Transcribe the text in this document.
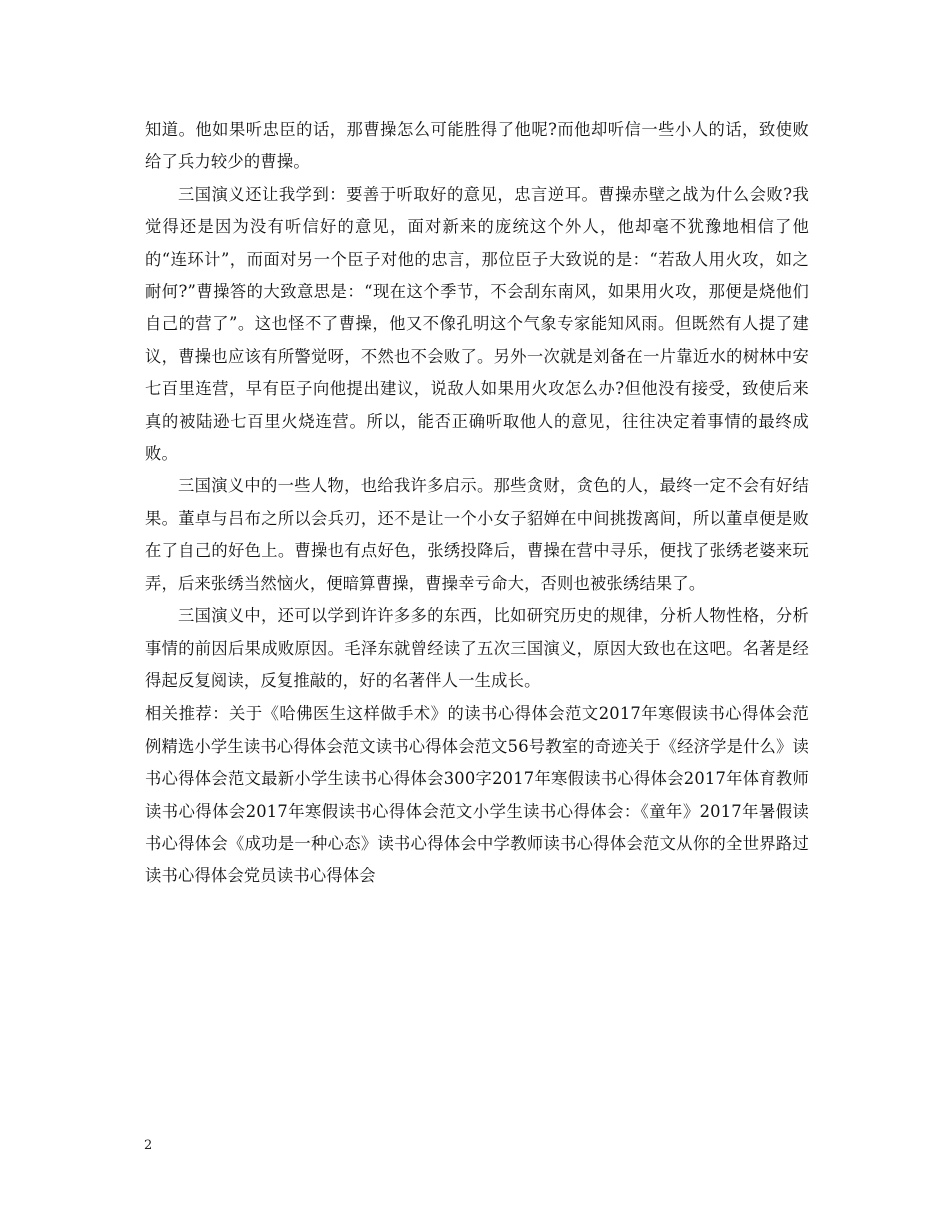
知道。他如果听忠臣的话，那曹操怎么可能胜得了他呢?而他却听信一些小人的话，致使败给了兵力较少的曹操。

三国演义还让我学到：要善于听取好的意见，忠言逆耳。曹操赤壁之战为什么会败?我觉得还是因为没有听信好的意见，面对新来的庞统这个外人，他却毫不犹豫地相信了他的“连环计”，而面对另一个臣子对他的忠言，那位臣子大致说的是：“若敌人用火攻，如之耐何?”曹操答的大致意思是：“现在这个季节，不会刮东南风，如果用火攻，那便是烧他们自己的营了”。这也怪不了曹操，他又不像孔明这个气象专家能知风雨。但既然有人提了建议，曹操也应该有所警觉呀，不然也不会败了。另外一次就是刘备在一片靠近水的树林中安七百里连营，早有臣子向他提出建议，说敌人如果用火攻怎么办?但他没有接受，致使后来真的被陆逊七百里火烧连营。所以，能否正确听取他人的意见，往往决定着事情的最终成败。

三国演义中的一些人物，也给我许多启示。那些贪财，贪色的人，最终一定不会有好结果。董卓与吕布之所以会兵刃，还不是让一个小女子貂婵在中间挑拨离间，所以董卓便是败在了自己的好色上。曹操也有点好色，张绣投降后，曹操在营中寻乐，便找了张绣老婆来玩弄，后来张绣当然恼火，便暗算曹操，曹操幸亏命大，否则也被张绣结果了。

三国演义中，还可以学到许许多多的东西，比如研究历史的规律，分析人物性格，分析事情的前因后果成败原因。毛泽东就曾经读了五次三国演义，原因大致也在这吧。名著是经得起反复阅读，反复推敲的，好的名著伴人一生成长。

相关推荐：关于《哈佛医生这样做手术》的读书心得体会范文2017年寒假读书心得体会范例精选小学生读书心得体会范文读书心得体会范文56号教室的奇迹关于《经济学是什么》读书心得体会范文最新小学生读书心得体会300字2017年寒假读书心得体会2017年体育教师读书心得体会2017年寒假读书心得体会范文小学生读书心得体会：《童年》2017年暑假读书心得体会《成功是一种心态》读书心得体会中学教师读书心得体会范文从你的全世界路过读书心得体会党员读书心得体会

2
